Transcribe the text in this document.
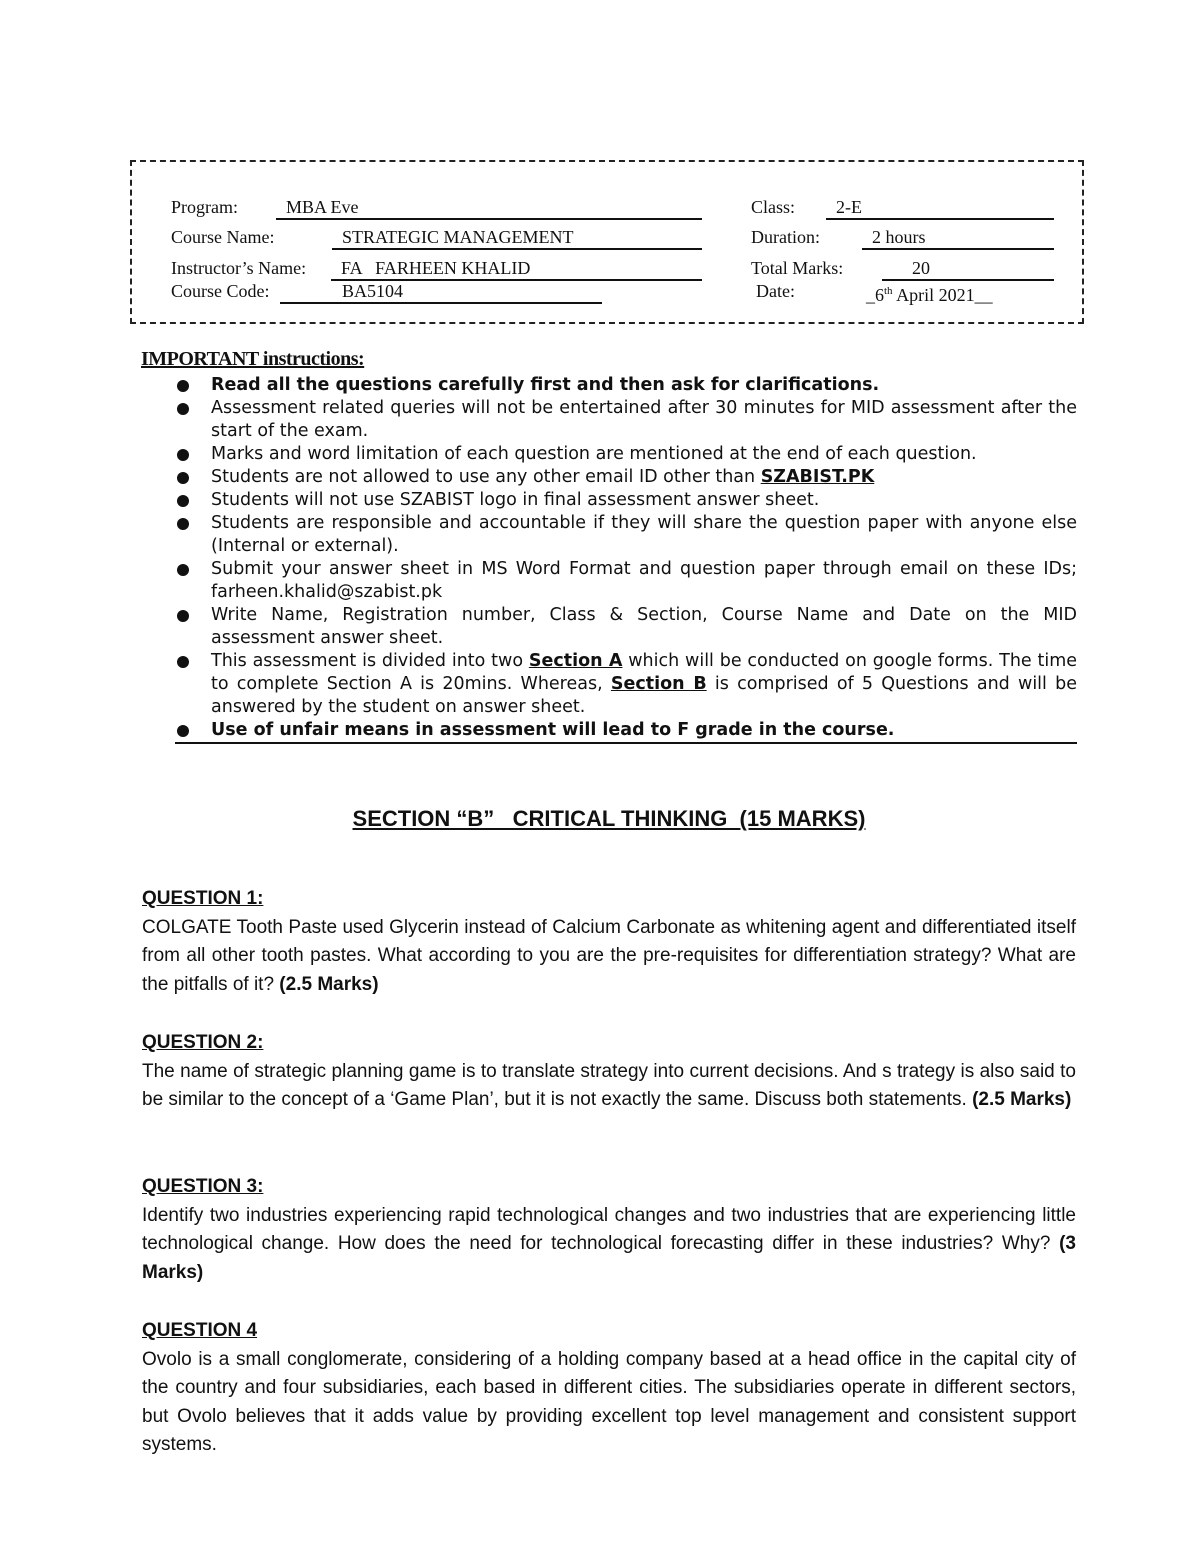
Program:	MBA Eve	Class:	2-E
Course Name:	STRATEGIC MANAGEMENT	Duration:	2 hours
Instructor’s Name:	FA   FARHEEN KHALID	Total Marks:	20
Course Code:	BA5104	Date:	_6th April 2021__
IMPORTANT instructions:
Read all the questions carefully first and then ask for clarifications.
Assessment related queries will not be entertained after 30 minutes for MID assessment after the start of the exam.
Marks and word limitation of each question are mentioned at the end of each question.
Students are not allowed to use any other email ID other than SZABIST.PK
Students will not use SZABIST logo in final assessment answer sheet.
Students are responsible and accountable if they will share the question paper with anyone else (Internal or external).
Submit your answer sheet in MS Word Format and question paper through email on these IDs; farheen.khalid@szabist.pk
Write Name, Registration number, Class & Section, Course Name and Date on the MID assessment answer sheet.
This assessment is divided into two Section A which will be conducted on google forms. The time to complete Section A is 20mins. Whereas, Section B is comprised of 5 Questions and will be answered by the student on answer sheet.
Use of unfair means in assessment will lead to F grade in the course.
SECTION “B”   CRITICAL THINKING  (15 MARKS)
QUESTION 1:
COLGATE Tooth Paste used Glycerin instead of Calcium Carbonate as whitening agent and differentiated itself from all other tooth pastes. What according to you are the pre-requisites for differentiation strategy? What are the pitfalls of it? (2.5 Marks)
QUESTION 2:
The name of strategic planning game is to translate strategy into current decisions. And s trategy is also said to be similar to the concept of a ‘Game Plan’, but it is not exactly the same. Discuss both statements. (2.5 Marks)
QUESTION 3:
Identify two industries experiencing rapid technological changes and two industries that are experiencing little technological change. How does the need for technological forecasting differ in these industries? Why? (3 Marks)
QUESTION 4
Ovolo is a small conglomerate, considering of a holding company based at a head office in the capital city of the country and four subsidiaries, each based in different cities. The subsidiaries operate in different sectors, but Ovolo believes that it adds value by providing excellent top level management and consistent support systems.
